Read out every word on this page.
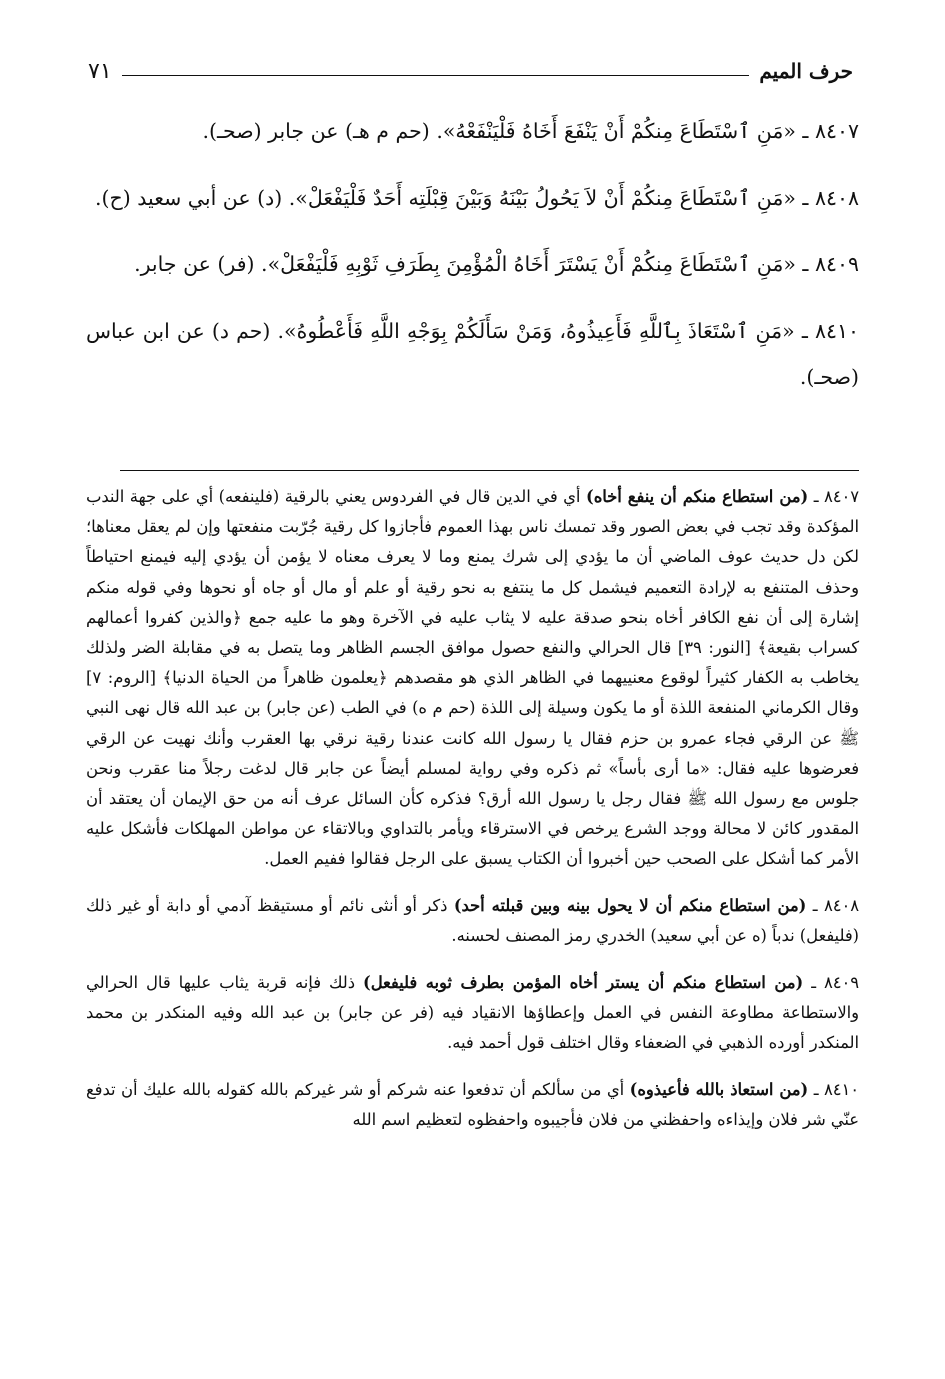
حرف الميم
٧١

٨٤٠٧ ـ «مَنِ ٱسْتَطَاعَ مِنكُمْ أَنْ يَنْفَعَ أَخَاهُ فَلْيَنْفَعْهُ». (حم م هـ) عن جابر (صحـ).

٨٤٠٨ ـ «مَنِ ٱسْتَطَاعَ مِنكُمْ أَنْ لاَ يَحُولُ بَيْنَهُ وَبَيْنَ قِبْلَتِه أَحَدٌ فَلْيَفْعَلْ». (د) عن أبي سعيد (ح).

٨٤٠٩ ـ «مَنِ ٱسْتَطَاعَ مِنكُمْ أَنْ يَسْتَرَ أَخَاهُ الْمُؤْمِنَ بِطَرَفِ ثَوْبِهِ فَلْيَفْعَلْ». (فر) عن جابر.

٨٤١٠ ـ «مَنِ ٱسْتَعَاذَ بِٱللَّهِ فَأَعِيذُوهُ، وَمَنْ سَأَلَكُمْ بِوَجْهِ اللَّهِ فَأَعْطُوهُ». (حم د) عن ابن عباس (صحـ).

٨٤٠٧ ـ (من استطاع منكم أن ينفع أخاه) أي في الدين قال في الفردوس يعني بالرقية (فلينفعه) أي على جهة الندب المؤكدة وقد تجب في بعض الصور وقد تمسك ناس بهذا العموم فأجازوا كل رقية جُرّبت منفعتها وإن لم يعقل معناها؛ لكن دل حديث عوف الماضي أن ما يؤدي إلى شرك يمنع وما لا يعرف معناه لا يؤمن أن يؤدي إليه فيمنع احتياطاً وحذف المتنفع به لإرادة التعميم فيشمل كل ما ينتفع به نحو رقية أو علم أو مال أو جاه أو نحوها وفي قوله منكم إشارة إلى أن نفع الكافر أخاه بنحو صدقة عليه لا يثاب عليه في الآخرة وهو ما عليه جمع ﴿والذين كفروا أعمالهم كسراب بقيعة﴾ [النور: ٣٩] قال الحرالي والنفع حصول موافق الجسم الظاهر وما يتصل به في مقابلة الضر ولذلك يخاطب به الكفار كثيراً لوقوع معنييهما في الظاهر الذي هو مقصدهم ﴿يعلمون ظاهراً من الحياة الدنيا﴾ [الروم: ٧] وقال الكرماني المنفعة اللذة أو ما يكون وسيلة إلى اللذة (حم م ه) في الطب (عن جابر) بن عبد الله قال نهى النبي ﷺ عن الرقي فجاء عمرو بن حزم فقال يا رسول الله كانت عندنا رقية نرقي بها العقرب وأنك نهيت عن الرقي فعرضوها عليه فقال: «ما أرى بأساً» ثم ذكره وفي رواية لمسلم أيضاً عن جابر قال لدغت رجلاً منا عقرب ونحن جلوس مع رسول الله ﷺ فقال رجل يا رسول الله أرق؟ فذكره كأن السائل عرف أنه من حق الإيمان أن يعتقد أن المقدور كائن لا محالة ووجد الشرع يرخص في الاسترقاء ويأمر بالتداوي وبالاتقاء عن مواطن المهلكات فأشكل عليه الأمر كما أشكل على الصحب حين أخبروا أن الكتاب يسبق على الرجل فقالوا ففيم العمل.

٨٤٠٨ ـ (من استطاع منكم أن لا يحول بينه وبين قبلته أحد) ذكر أو أنثى نائم أو مستيقظ آدمي أو دابة أو غير ذلك (فليفعل) ندباً (ه عن أبي سعيد) الخدري رمز المصنف لحسنه.

٨٤٠٩ ـ (من استطاع منكم أن يستر أخاه المؤمن بطرف ثوبه فليفعل) ذلك فإنه قربة يثاب عليها قال الحرالي والاستطاعة مطاوعة النفس في العمل وإعطاؤها الانقياد فيه (فر عن جابر) بن عبد الله وفيه المنكدر بن محمد المنكدر أورده الذهبي في الضعفاء وقال اختلف قول أحمد فيه.

٨٤١٠ ـ (من استعاذ بالله فأعيذوه) أي من سألكم أن تدفعوا عنه شركم أو شر غيركم بالله كقوله بالله عليك أن تدفع عنّي شر فلان وإيذاءه واحفظني من فلان فأجيبوه واحفظوه لتعظيم اسم الله
